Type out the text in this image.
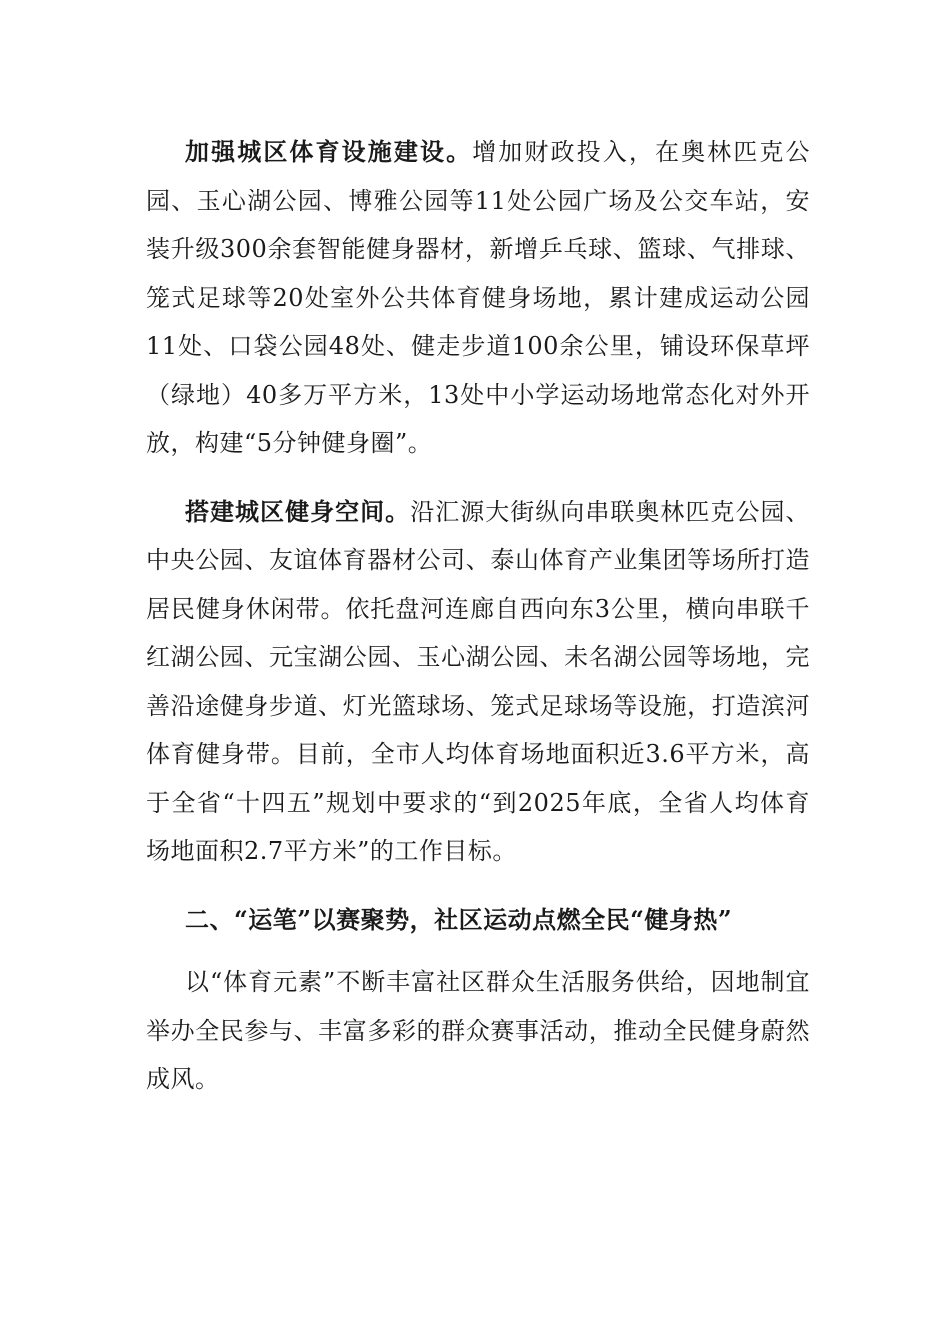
加强城区体育设施建设。增加财政投入，在奥林匹克公园、玉心湖公园、博雅公园等11处公园广场及公交车站，安装升级300余套智能健身器材，新增乒乓球、篮球、气排球、笼式足球等20处室外公共体育健身场地，累计建成运动公园11处、口袋公园48处、健走步道100余公里，铺设环保草坪（绿地）40多万平方米，13处中小学运动场地常态化对外开放，构建“5分钟健身圈”。

搭建城区健身空间。沿汇源大街纵向串联奥林匹克公园、中央公园、友谊体育器材公司、泰山体育产业集团等场所打造居民健身休闲带。依托盘河连廊自西向东3公里，横向串联千红湖公园、元宝湖公园、玉心湖公园、未名湖公园等场地，完善沿途健身步道、灯光篮球场、笼式足球场等设施，打造滨河体育健身带。目前，全市人均体育场地面积近3.6平方米，高于全省“十四五”规划中要求的“到2025年底，全省人均体育场地面积2.7平方米”的工作目标。

二、“运笔”以赛聚势，社区运动点燃全民“健身热”

以“体育元素”不断丰富社区群众生活服务供给，因地制宜举办全民参与、丰富多彩的群众赛事活动，推动全民健身蔚然成风。
